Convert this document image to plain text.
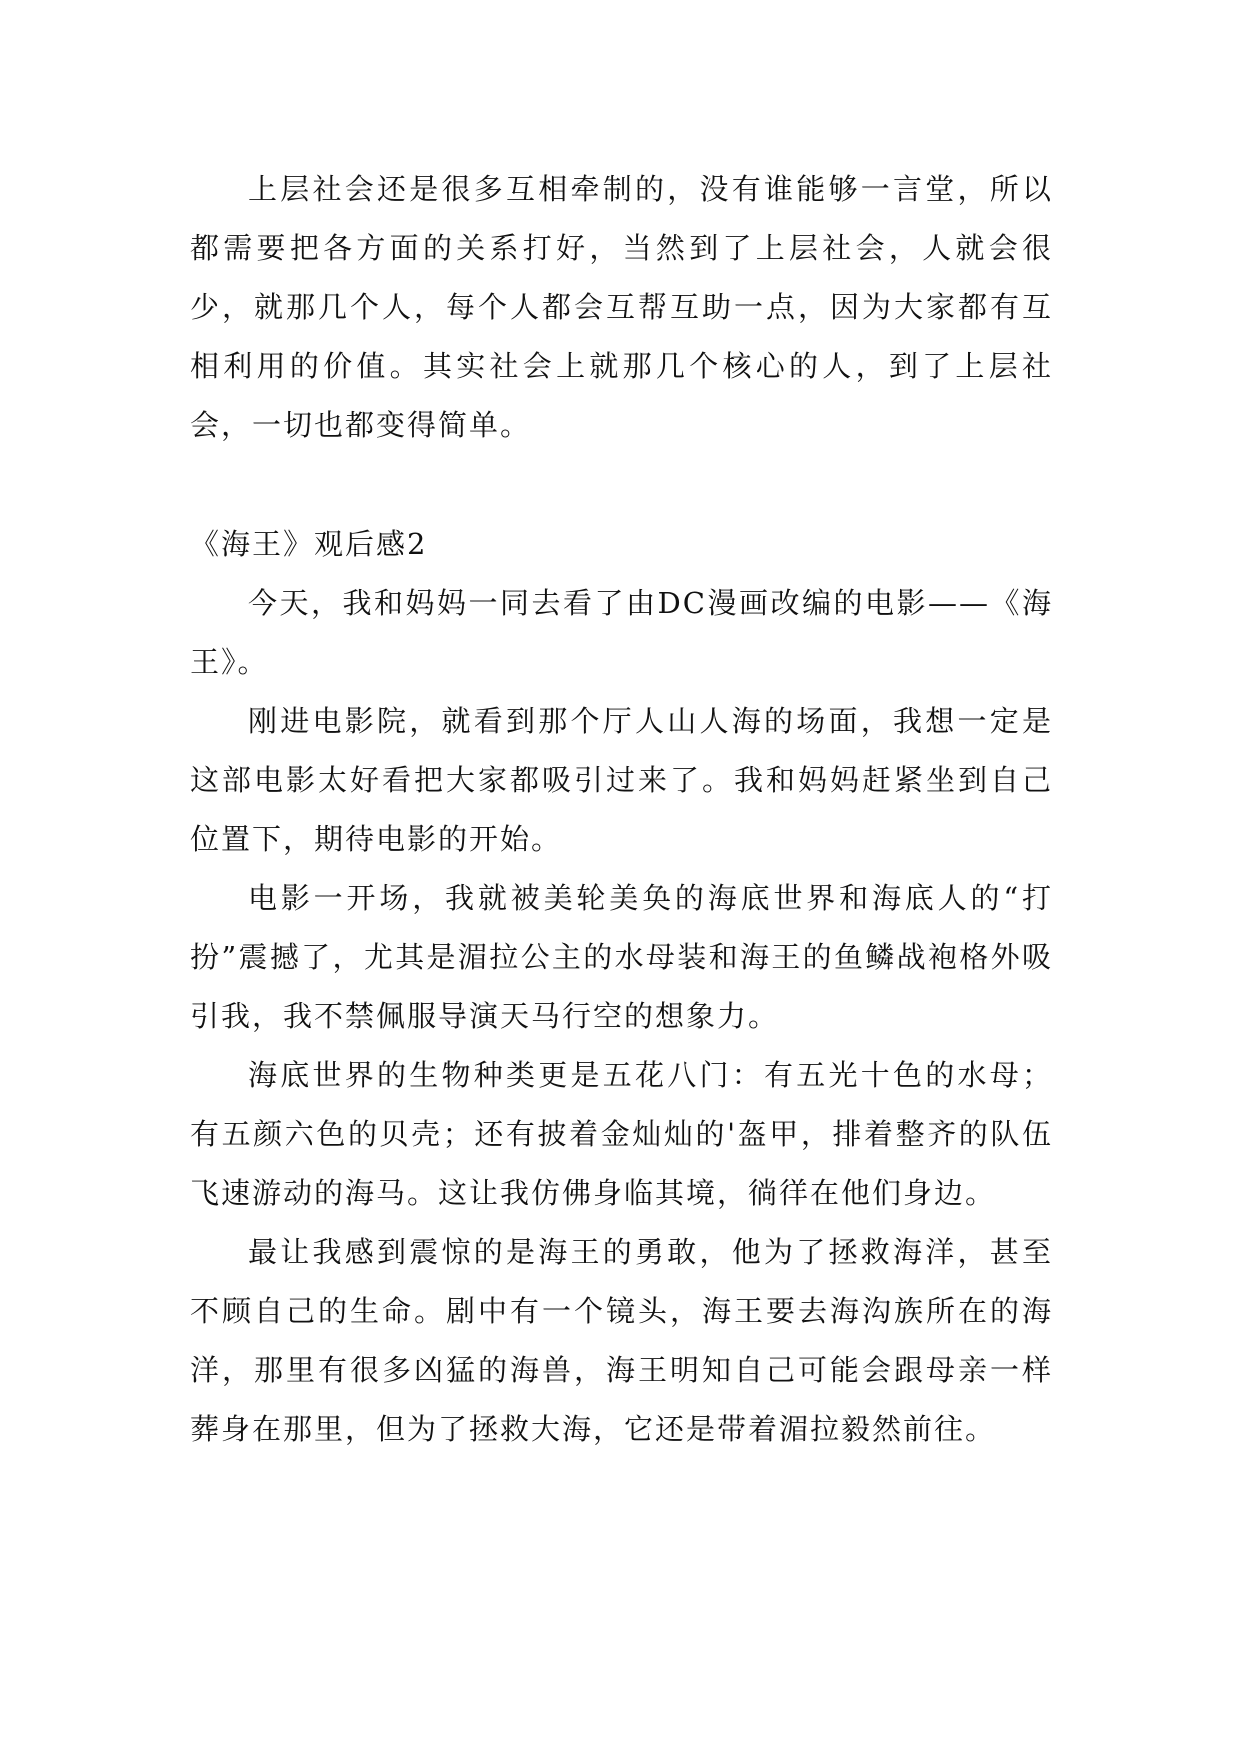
上层社会还是很多互相牵制的，没有谁能够一言堂，所以都需要把各方面的关系打好，当然到了上层社会，人就会很少，就那几个人，每个人都会互帮互助一点，因为大家都有互相利用的价值。其实社会上就那几个核心的人，到了上层社会，一切也都变得简单。

《海王》观后感2

今天，我和妈妈一同去看了由DC漫画改编的电影——《海王》。

刚进电影院，就看到那个厅人山人海的场面，我想一定是这部电影太好看把大家都吸引过来了。我和妈妈赶紧坐到自己位置下，期待电影的开始。

电影一开场，我就被美轮美奂的海底世界和海底人的“打扮”震撼了，尤其是湄拉公主的水母装和海王的鱼鳞战袍格外吸引我，我不禁佩服导演天马行空的想象力。

海底世界的生物种类更是五花八门：有五光十色的水母；有五颜六色的贝壳；还有披着金灿灿的'盔甲，排着整齐的队伍飞速游动的海马。这让我仿佛身临其境，徜徉在他们身边。

最让我感到震惊的是海王的勇敢，他为了拯救海洋，甚至不顾自己的生命。剧中有一个镜头，海王要去海沟族所在的海洋，那里有很多凶猛的海兽，海王明知自己可能会跟母亲一样葬身在那里，但为了拯救大海，它还是带着湄拉毅然前往。
